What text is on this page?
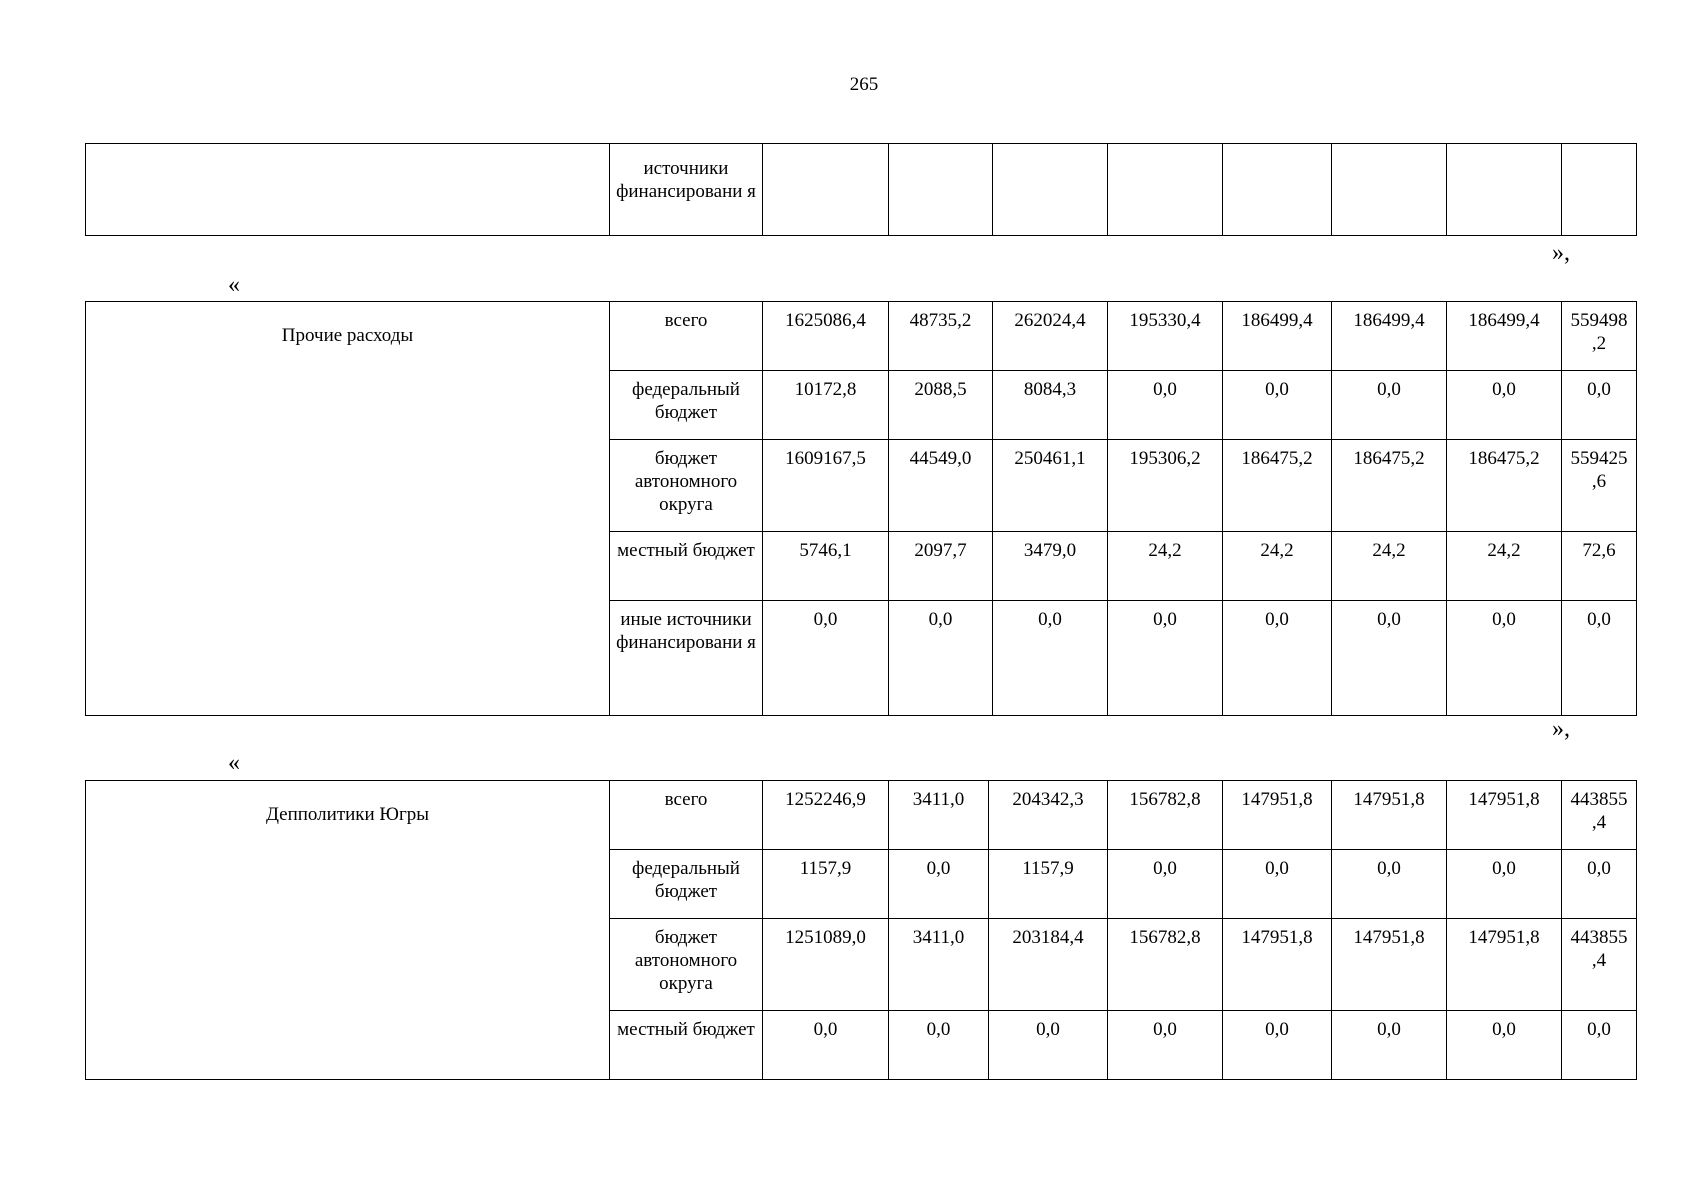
265
	источники финансировани я								
»,
«
Прочие расходы	всего	1625086,4	48735,2	262024,4	195330,4	186499,4	186499,4	186499,4	559498 ,2
	федеральный бюджет	10172,8	2088,5	8084,3	0,0	0,0	0,0	0,0	0,0
	бюджет автономного округа	1609167,5	44549,0	250461,1	195306,2	186475,2	186475,2	186475,2	559425 ,6
	местный бюджет	5746,1	2097,7	3479,0	24,2	24,2	24,2	24,2	72,6
	иные источники финансировани я	0,0	0,0	0,0	0,0	0,0	0,0	0,0	0,0
»,
«
Депполитики Югры	всего	1252246,9	3411,0	204342,3	156782,8	147951,8	147951,8	147951,8	443855 ,4
	федеральный бюджет	1157,9	0,0	1157,9	0,0	0,0	0,0	0,0	0,0
	бюджет автономного округа	1251089,0	3411,0	203184,4	156782,8	147951,8	147951,8	147951,8	443855 ,4
	местный бюджет	0,0	0,0	0,0	0,0	0,0	0,0	0,0	0,0
